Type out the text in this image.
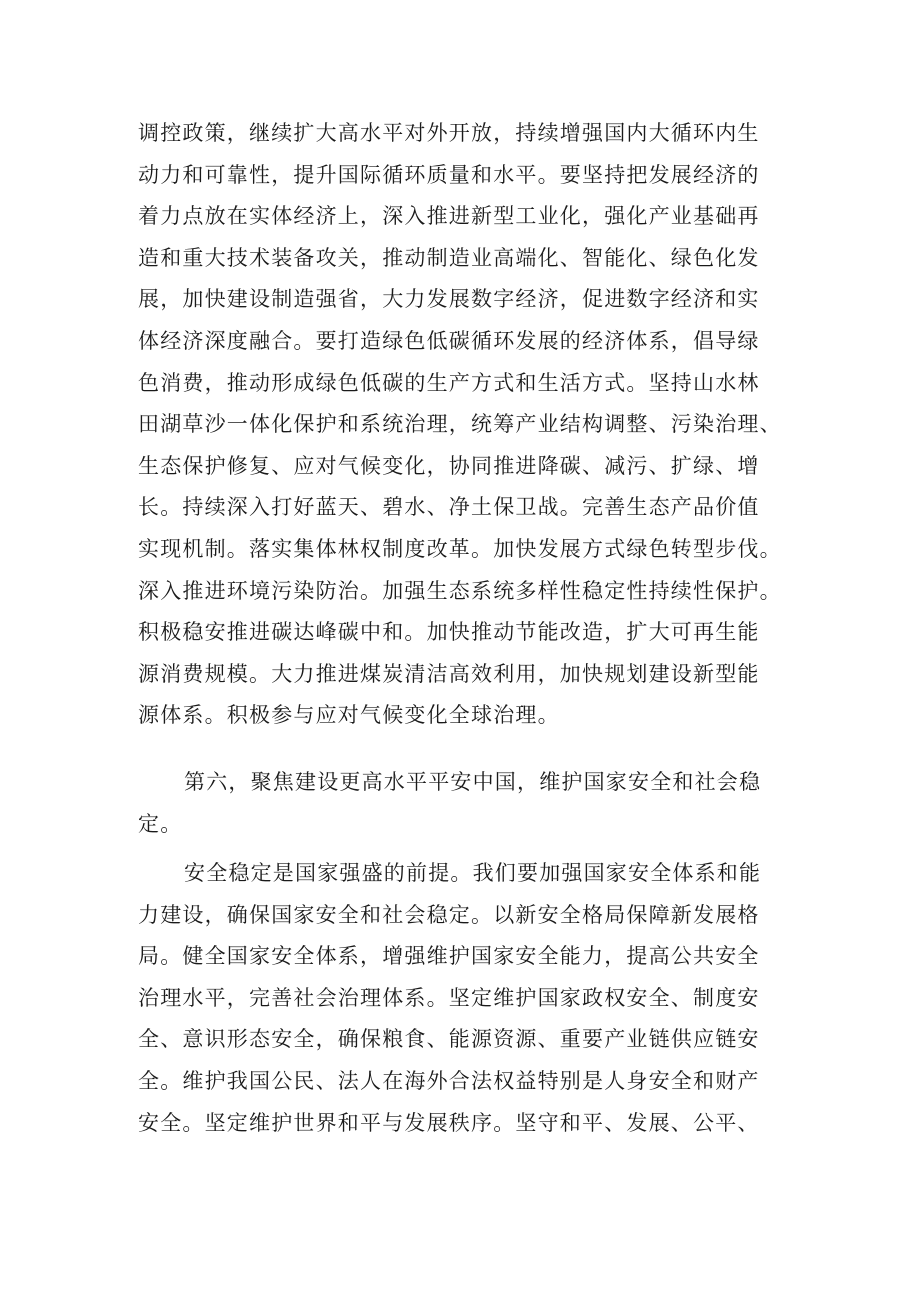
调控政策，继续扩大高水平对外开放，持续增强国内大循环内生
动力和可靠性，提升国际循环质量和水平。要坚持把发展经济的
着力点放在实体经济上，深入推进新型工业化，强化产业基础再
造和重大技术装备攻关，推动制造业高端化、智能化、绿色化发
展，加快建设制造强省，大力发展数字经济，促进数字经济和实
体经济深度融合。要打造绿色低碳循环发展的经济体系，倡导绿
色消费，推动形成绿色低碳的生产方式和生活方式。坚持山水林
田湖草沙一体化保护和系统治理，统筹产业结构调整、污染治理、
生态保护修复、应对气候变化，协同推进降碳、减污、扩绿、增
长。持续深入打好蓝天、碧水、净土保卫战。完善生态产品价值
实现机制。落实集体林权制度改革。加快发展方式绿色转型步伐。
深入推进环境污染防治。加强生态系统多样性稳定性持续性保护。
积极稳安推进碳达峰碳中和。加快推动节能改造，扩大可再生能
源消费规模。大力推进煤炭清洁高效利用，加快规划建设新型能
源体系。积极参与应对气候变化全球治理。
第六，聚焦建设更高水平平安中国，维护国家安全和社会稳
定。
安全稳定是国家强盛的前提。我们要加强国家安全体系和能
力建设，确保国家安全和社会稳定。以新安全格局保障新发展格
局。健全国家安全体系，增强维护国家安全能力，提高公共安全
治理水平，完善社会治理体系。坚定维护国家政权安全、制度安
全、意识形态安全，确保粮食、能源资源、重要产业链供应链安
全。维护我国公民、法人在海外合法权益特别是人身安全和财产
安全。坚定维护世界和平与发展秩序。坚守和平、发展、公平、
